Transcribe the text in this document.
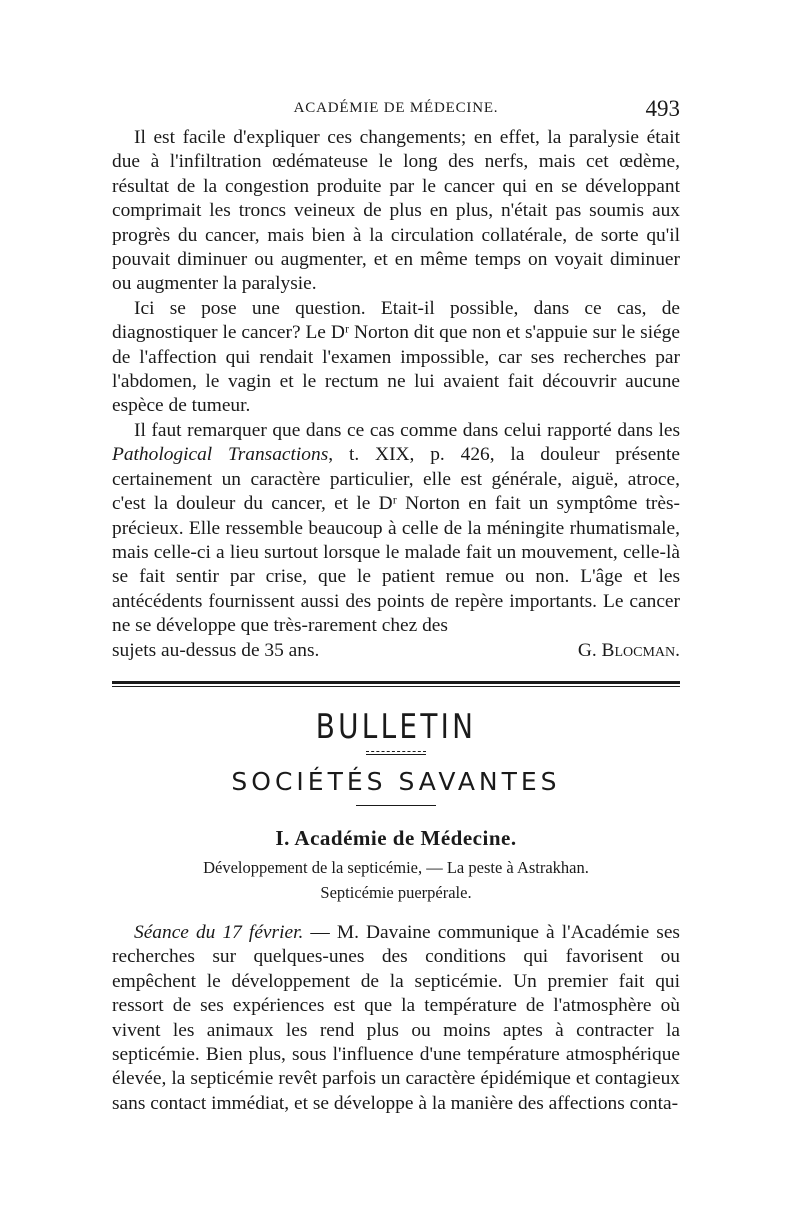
ACADÉMIE DE MÉDECINE.	493

Il est facile d'expliquer ces changements; en effet, la paralysie était due à l'infiltration œdémateuse le long des nerfs, mais cet œdème, résultat de la congestion produite par le cancer qui en se développant comprimait les troncs veineux de plus en plus, n'était pas soumis aux progrès du cancer, mais bien à la circulation collatérale, de sorte qu'il pouvait diminuer ou augmenter, et en même temps on voyait diminuer ou augmenter la paralysie.

Ici se pose une question. Etait-il possible, dans ce cas, de diagnostiquer le cancer? Le Dʳ Norton dit que non et s'appuie sur le siége de l'affection qui rendait l'examen impossible, car ses recherches par l'abdomen, le vagin et le rectum ne lui avaient fait découvrir aucune espèce de tumeur.

Il faut remarquer que dans ce cas comme dans celui rapporté dans les Pathological Transactions, t. XIX, p. 426, la douleur présente certainement un caractère particulier, elle est générale, aiguë, atroce, c'est la douleur du cancer, et le Dʳ Norton en fait un symptôme très-précieux. Elle ressemble beaucoup à celle de la méningite rhumatismale, mais celle-ci a lieu surtout lorsque le malade fait un mouvement, celle-là se fait sentir par crise, que le patient remue ou non. L'âge et les antécédents fournissent aussi des points de repère importants. Le cancer ne se développe que très-rarement chez des

sujets au-dessus de 35 ans.	G. Blocman.
BULLETIN
SOCIÉTÉS SAVANTES
I. Académie de Médecine.
Développement de la septicémie, — La peste à Astrakhan.
Septicémie puerpérale.

Séance du 17 février. — M. Davaine communique à l'Académie ses recherches sur quelques-unes des conditions qui favorisent ou empêchent le développement de la septicémie. Un premier fait qui ressort de ses expériences est que la température de l'atmosphère où vivent les animaux les rend plus ou moins aptes à contracter la septicémie. Bien plus, sous l'influence d'une température atmosphérique élevée, la septicémie revêt parfois un caractère épidémique et contagieux sans contact immédiat, et se développe à la manière des affections conta-
